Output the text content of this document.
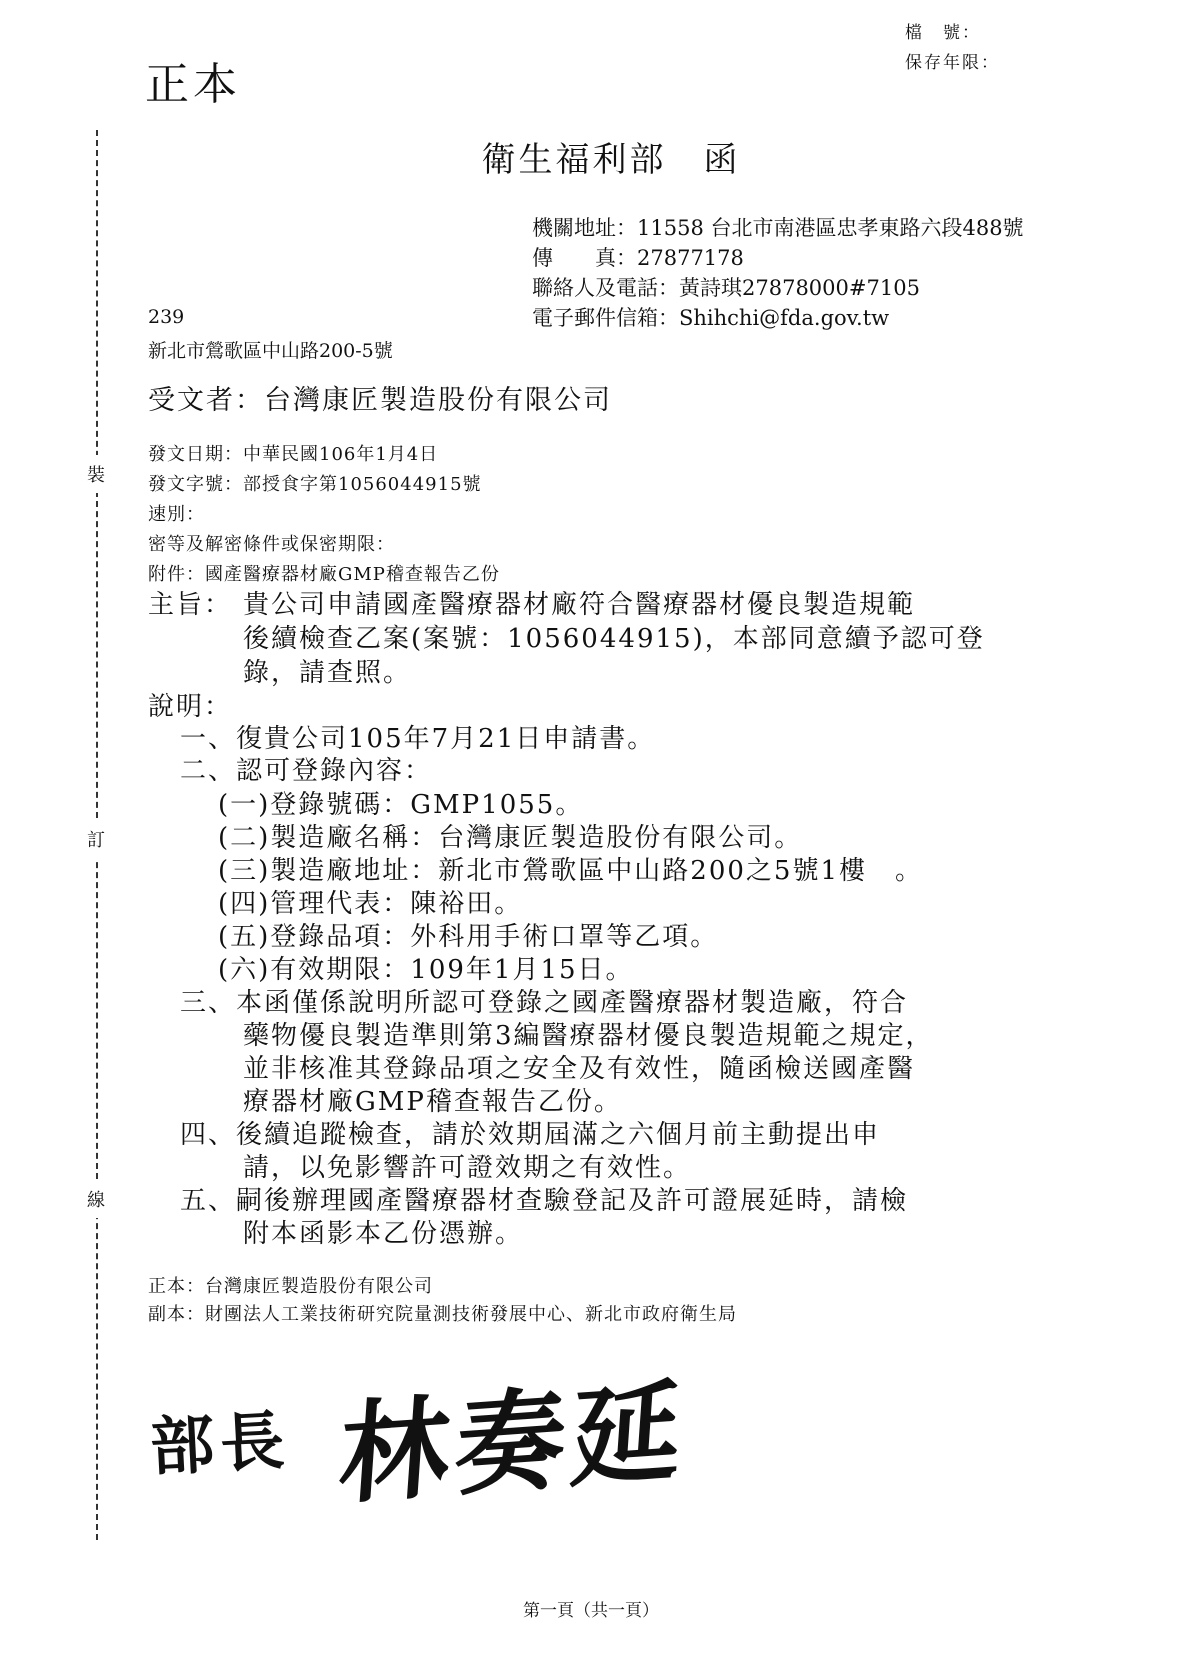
正本
檔　號：
保存年限：
裝
訂
線
衛生福利部　函
機關地址：11558 台北市南港區忠孝東路六段488號
傳　　真：27877178
聯絡人及電話：黃詩琪27878000#7105
電子郵件信箱：Shihchi@fda.gov.tw
239
新北市鶯歌區中山路200-5號
受文者：台灣康匠製造股份有限公司
發文日期：中華民國106年1月4日
發文字號：部授食字第1056044915號
速別：
密等及解密條件或保密期限：
附件：國產醫療器材廠GMP稽查報告乙份
主旨： 貴公司申請國產醫療器材廠符合醫療器材優良製造規範
後續檢查乙案(案號：1056044915)，本部同意續予認可登
錄，請查照。
說明：
一、復貴公司105年7月21日申請書。
二、認可登錄內容：
(一)登錄號碼：GMP1055。
(二)製造廠名稱：台灣康匠製造股份有限公司。
(三)製造廠地址：新北市鶯歌區中山路200之5號1樓　。
(四)管理代表：陳裕田。
(五)登錄品項：外科用手術口罩等乙項。
(六)有效期限：109年1月15日。
三、本函僅係說明所認可登錄之國產醫療器材製造廠，符合
藥物優良製造準則第3編醫療器材優良製造規範之規定，
並非核准其登錄品項之安全及有效性，隨函檢送國產醫
療器材廠GMP稽查報告乙份。
四、後續追蹤檢查，請於效期屆滿之六個月前主動提出申
請，以免影響許可證效期之有效性。
五、嗣後辦理國產醫療器材查驗登記及許可證展延時，請檢
附本函影本乙份憑辦。
正本：台灣康匠製造股份有限公司
副本：財團法人工業技術研究院量測技術發展中心、新北市政府衛生局
部長 林奏延
第一頁（共一頁）
